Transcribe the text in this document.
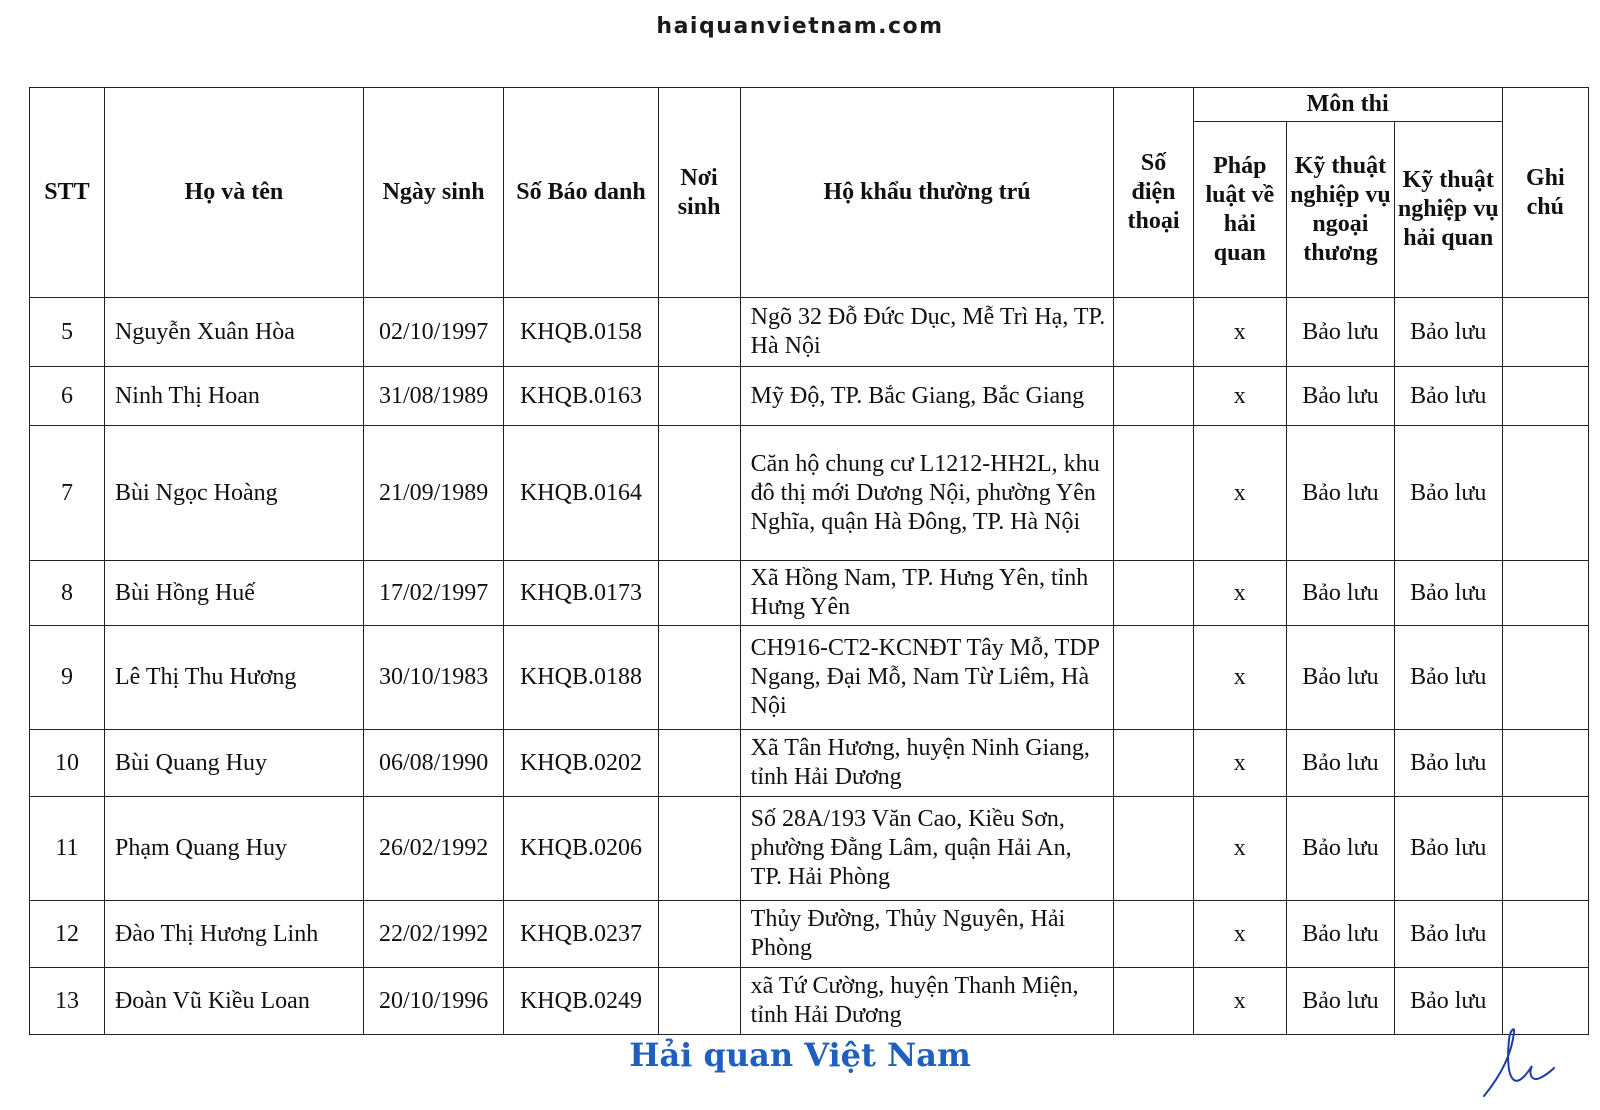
haiquanvietnam.com
STT	Họ và tên	Ngày sinh	Số Báo danh	Nơi sinh	Hộ khẩu thường trú	Số điện thoại	Môn thi			Ghi chú
							Pháp luật về hải quan	Kỹ thuật nghiệp vụ ngoại thương	Kỹ thuật nghiệp vụ hải quan	
5	Nguyễn Xuân Hòa	02/10/1997	KHQB.0158		Ngõ 32 Đỗ Đức Dục, Mễ Trì Hạ, TP. Hà Nội		x	Bảo lưu	Bảo lưu	
6	Ninh Thị Hoan	31/08/1989	KHQB.0163		Mỹ Độ, TP. Bắc Giang, Bắc Giang		x	Bảo lưu	Bảo lưu	
7	Bùi Ngọc Hoàng	21/09/1989	KHQB.0164		Căn hộ chung cư L1212-HH2L, khu đô thị mới Dương Nội, phường Yên Nghĩa, quận Hà Đông, TP. Hà Nội		x	Bảo lưu	Bảo lưu	
8	Bùi Hồng Huế	17/02/1997	KHQB.0173		Xã Hồng Nam, TP. Hưng Yên, tỉnh Hưng Yên		x	Bảo lưu	Bảo lưu	
9	Lê Thị Thu Hương	30/10/1983	KHQB.0188		CH916-CT2-KCNĐT Tây Mỗ, TDP Ngang, Đại Mỗ, Nam Từ Liêm, Hà Nội		x	Bảo lưu	Bảo lưu	
10	Bùi Quang Huy	06/08/1990	KHQB.0202		Xã Tân Hương, huyện Ninh Giang, tỉnh Hải Dương		x	Bảo lưu	Bảo lưu	
11	Phạm Quang Huy	26/02/1992	KHQB.0206		Số 28A/193 Văn Cao, Kiều Sơn, phường Đằng Lâm, quận Hải An, TP. Hải Phòng		x	Bảo lưu	Bảo lưu	
12	Đào Thị Hương Linh	22/02/1992	KHQB.0237		Thủy Đường, Thủy Nguyên, Hải Phòng		x	Bảo lưu	Bảo lưu	
13	Đoàn Vũ Kiều Loan	20/10/1996	KHQB.0249		xã Tứ Cường, huyện Thanh Miện, tỉnh Hải Dương		x	Bảo lưu	Bảo lưu	
Hải quan Việt Nam
